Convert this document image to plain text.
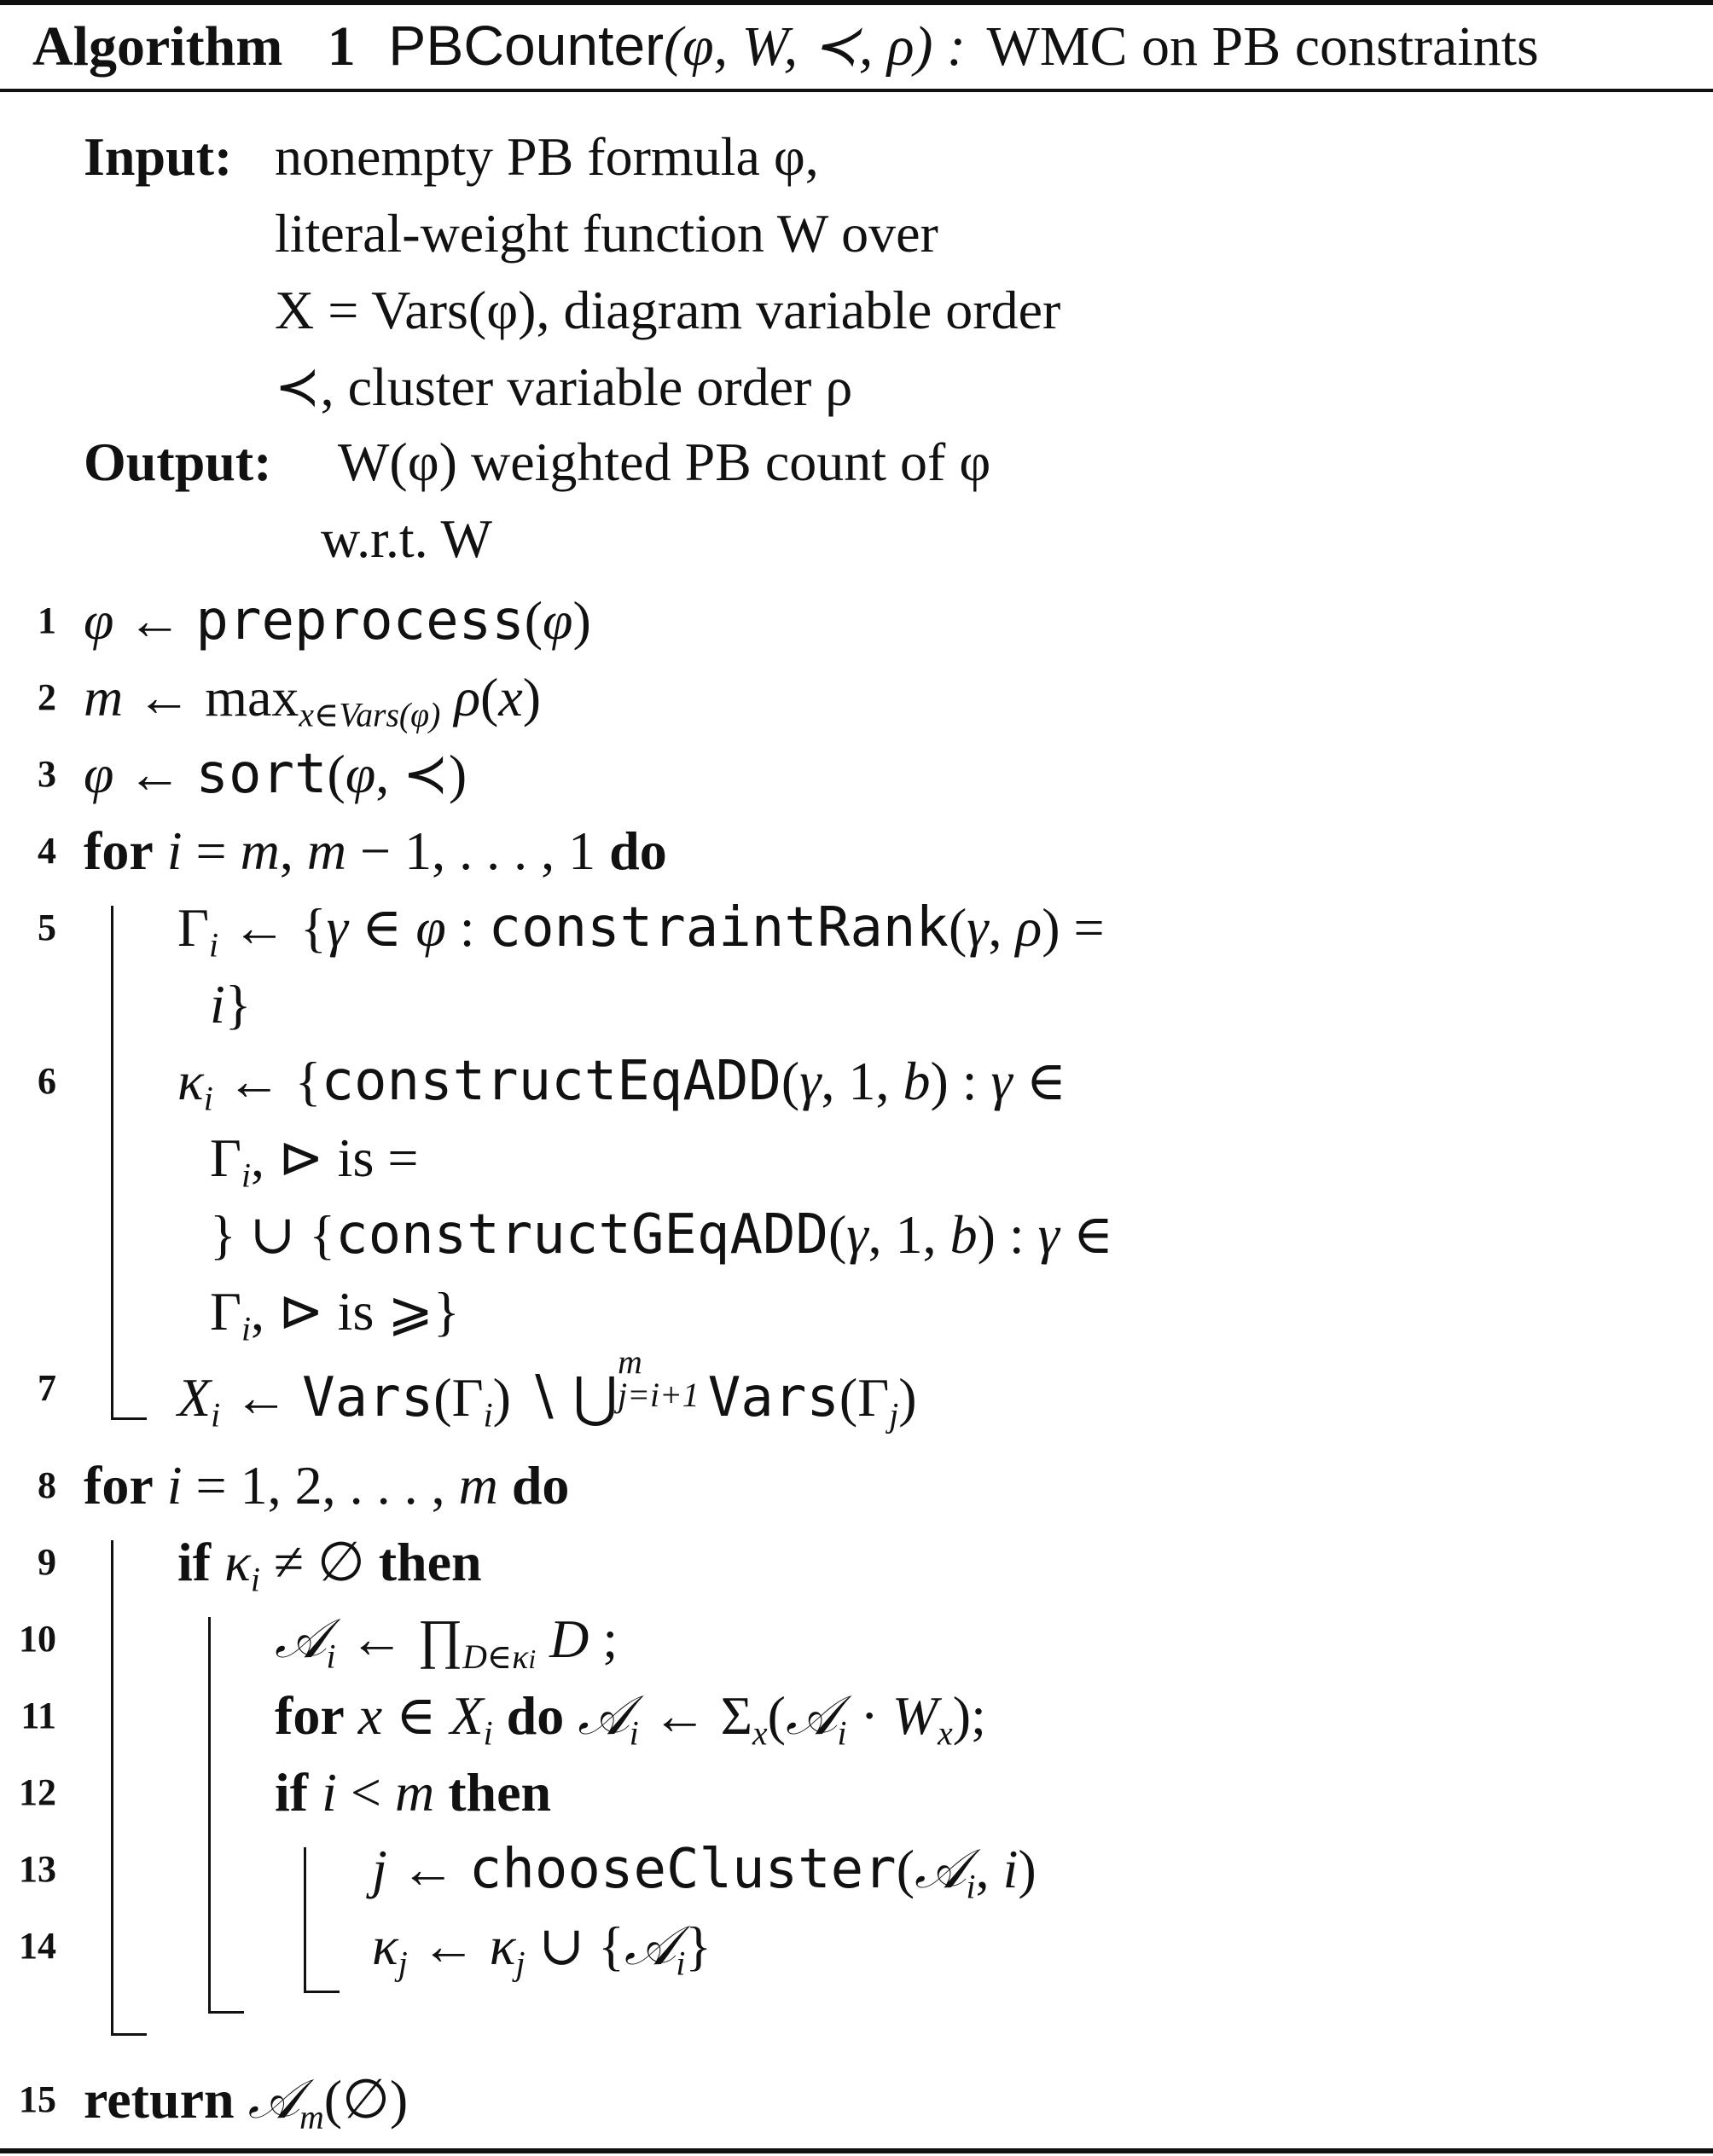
Algorithm 1 PBCounter(φ, W, ≺, ρ) : WMC on PB constraints
Input: nonempty PB formula φ,
literal-weight function W over
X = Vars(φ), diagram variable order
≺, cluster variable order ρ
Output: W(φ) weighted PB count of φ
w.r.t. W
1
2
3
4
5
6
7
8
9
10
11
12
13
14
15
φ ← preprocess(φ)
m ← $\max_{x\in Vars(\varphi)} \rho(x)$
φ ← sort(φ, ≺)
for i = m, m − 1, . . . , 1 do
$\Gamma_i$ ← {γ ∈ φ : constraintRank(γ, ρ) =
i}
$\kappa_i$ ← {constructEqADD(γ, 1, b) : γ ∈
$\Gamma_i$, ⊳ is =
} ∪ {constructGEqADD(γ, 1, b) : γ ∈
$\Gamma_i$, ⊳ is ⩾}
$X_i$ ← $Vars(\Gamma_i)$ ∖ ⋃
m
j=i+1 $Vars(\Gamma_j)$
for i = 1, 2, . . . , m do
if $\kappa_i$ ≠ ∅ then
𝒜$_i$ ← $\prod_{D\in\kappa i}$ D ;
for x ∈ $X_i$ do 𝒜$_i$ ← $\Sigma_x(𝒜_i \cdot W_x)$;
if i < m then
j ← chooseCluster(𝒜$_i$, i)
$\kappa_j$ ← $\kappa_j$ ∪ {𝒜$_i$}
return 𝒜$_m$(∅)
